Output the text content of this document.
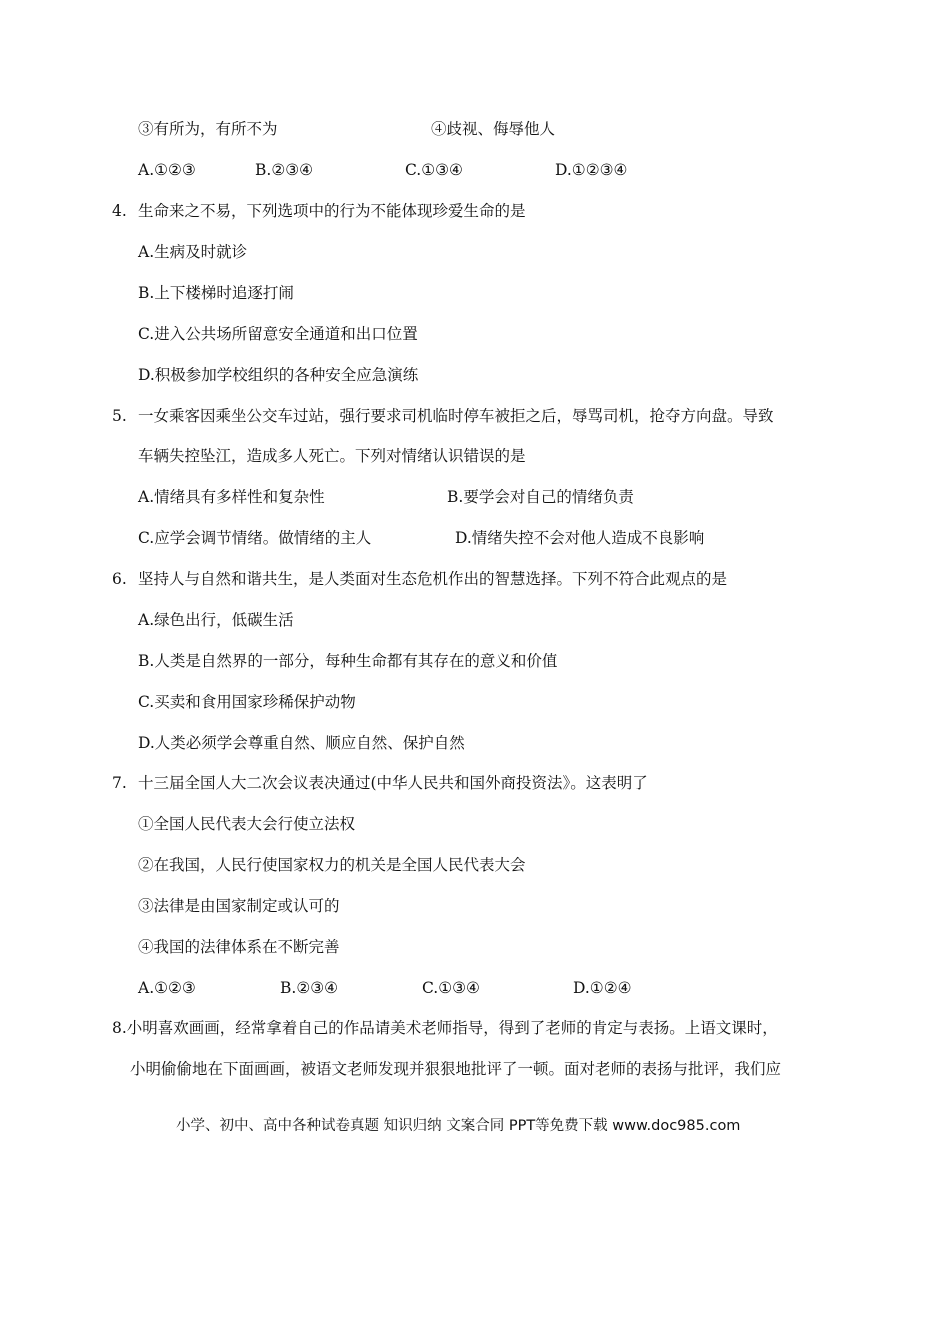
③有所为，有所不为	④歧视、侮辱他人
A.①②③	B.②③④	C.①③④	D.①②③④
4. 生命来之不易，下列选项中的行为不能体现珍爱生命的是
A.生病及时就诊
B.上下楼梯时追逐打闹
C.进入公共场所留意安全通道和出口位置
D.积极参加学校组织的各种安全应急演练
5. 一女乘客因乘坐公交车过站，强行要求司机临时停车被拒之后，辱骂司机，抢夺方向盘。导致
车辆失控坠江，造成多人死亡。下列对情绪认识错误的是
A.情绪具有多样性和复杂性	B.要学会对自己的情绪负责
C.应学会调节情绪。做情绪的主人	D.情绪失控不会对他人造成不良影响
6. 坚持人与自然和谐共生，是人类面对生态危机作出的智慧选择。下列不符合此观点的是
A.绿色出行，低碳生活
B.人类是自然界的一部分，每种生命都有其存在的意义和价值
C.买卖和食用国家珍稀保护动物
D.人类必须学会尊重自然、顺应自然、保护自然
7. 十三届全国人大二次会议表决通过(中华人民共和国外商投资法》。这表明了
①全国人民代表大会行使立法权
②在我国，人民行使国家权力的机关是全国人民代表大会
③法律是由国家制定或认可的
④我国的法律体系在不断完善
A.①②③	B.②③④	C.①③④	D.①②④
8.小明喜欢画画，经常拿着自己的作品请美术老师指导，得到了老师的肯定与表扬。上语文课时，
小明偷偷地在下面画画，被语文老师发现并狠狠地批评了一顿。面对老师的表扬与批评，我们应
小学、初中、高中各种试卷真题 知识归纳 文案合同 PPT等免费下载 www.doc985.com
